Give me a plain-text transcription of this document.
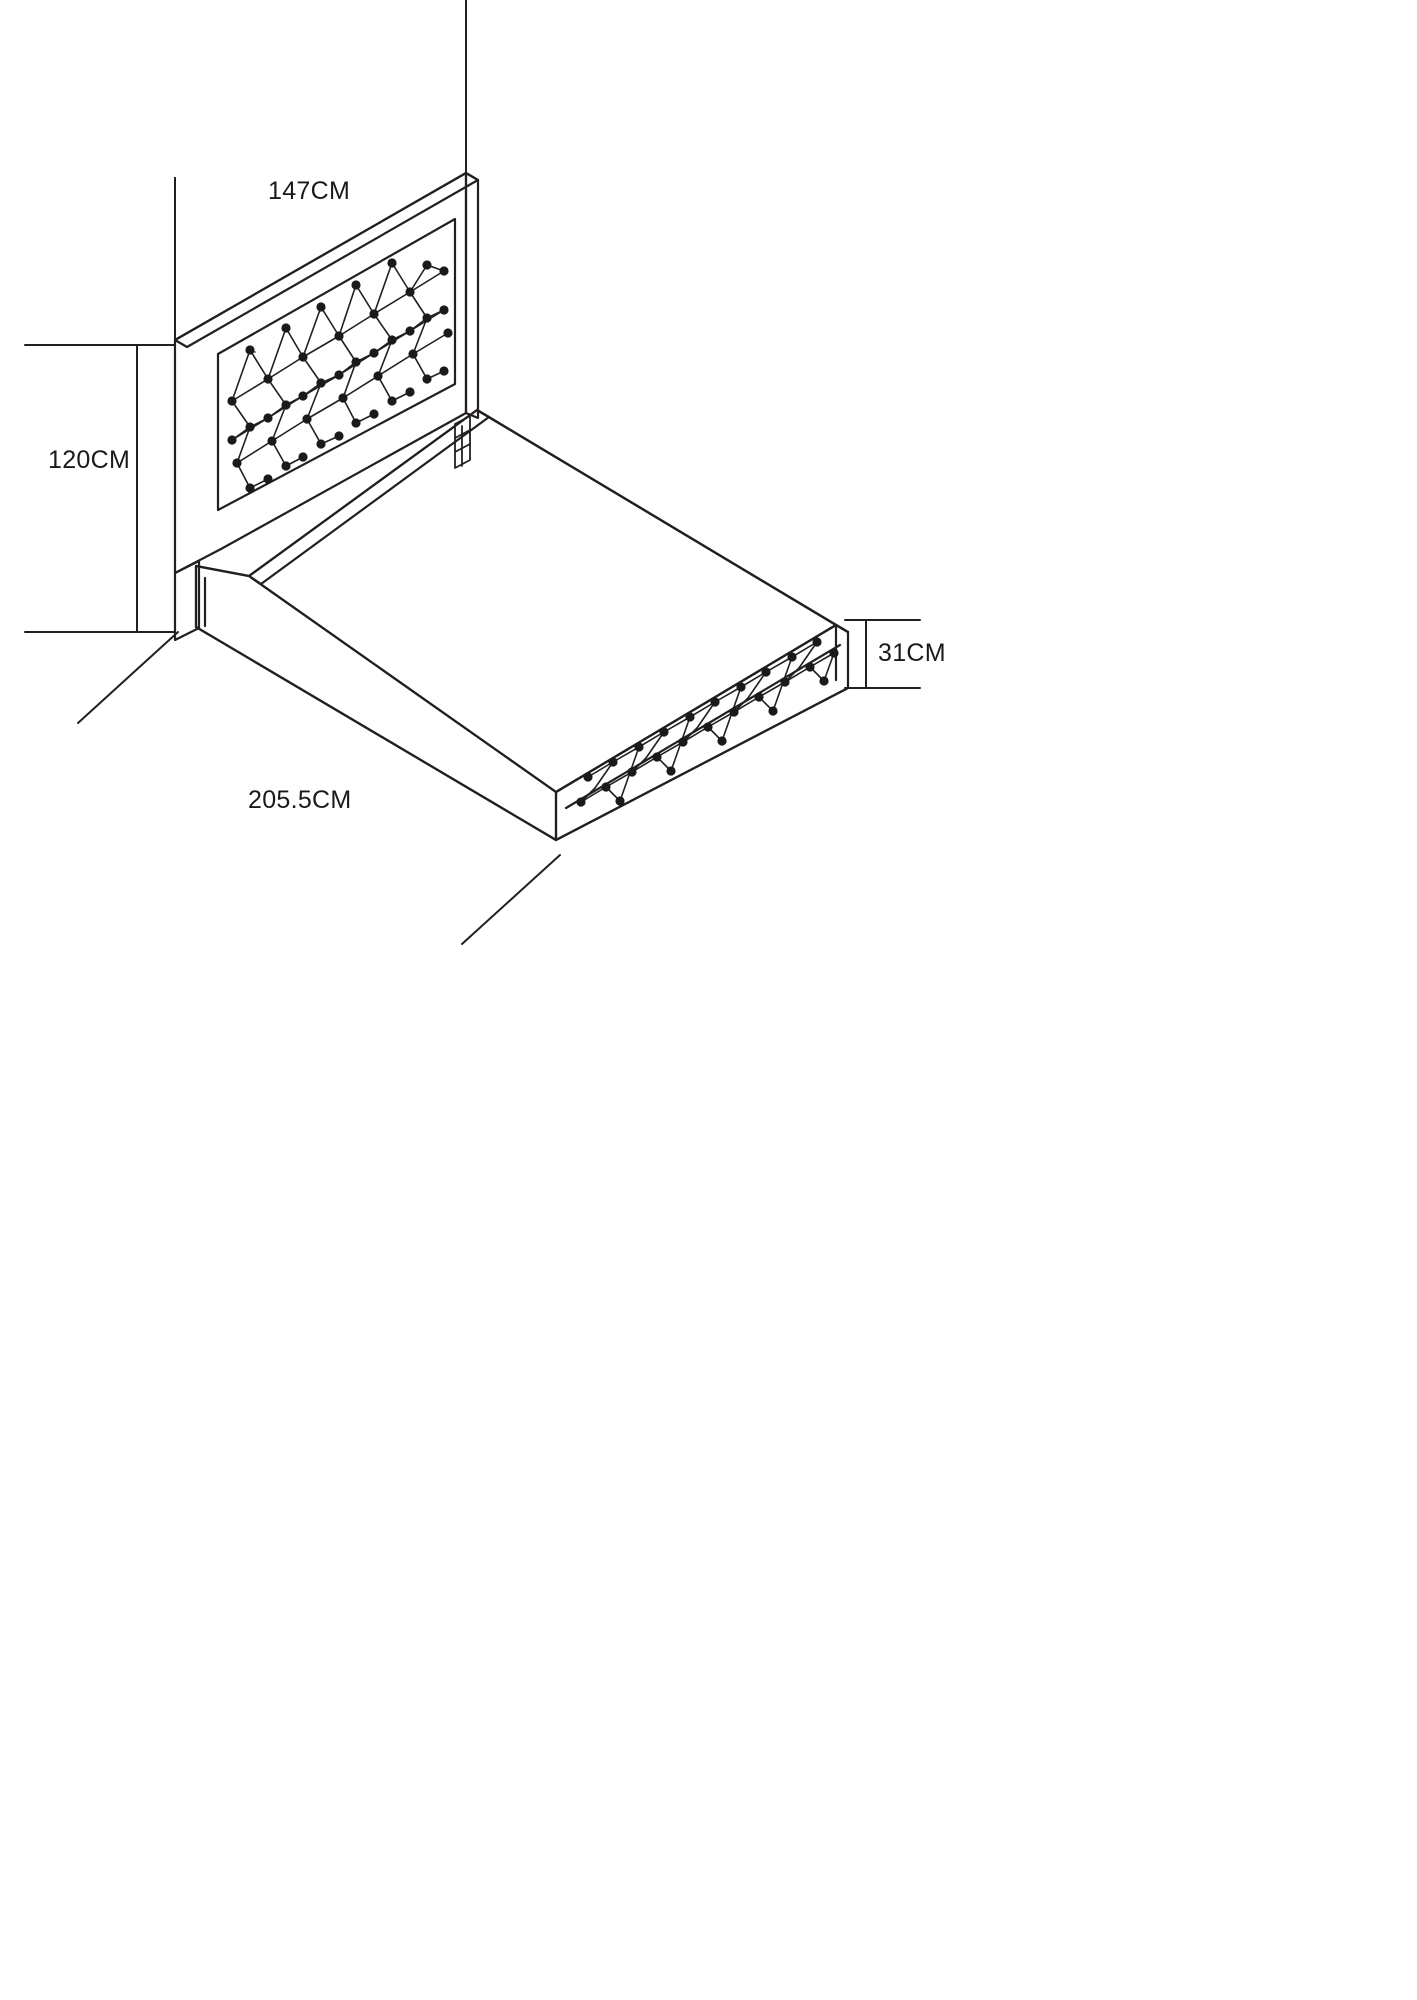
147CM
120CM
205.5CM
31CM
